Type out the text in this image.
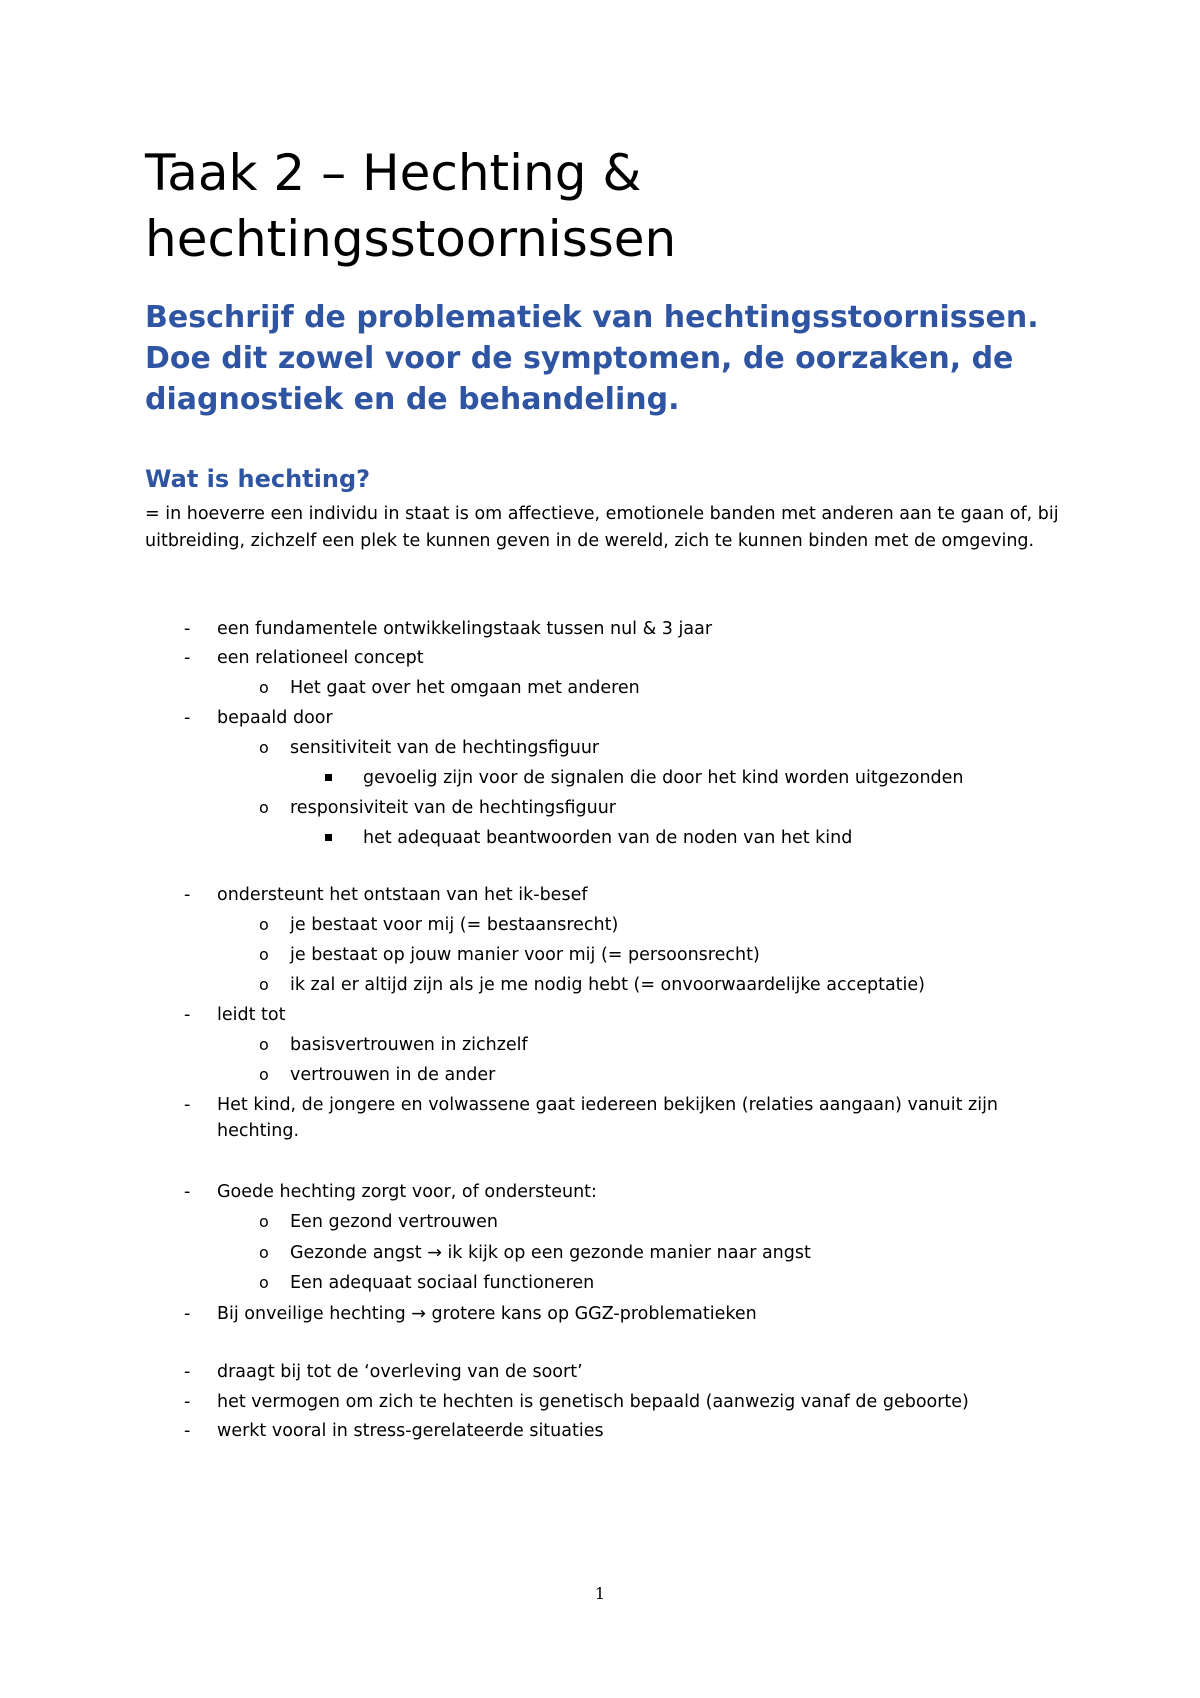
Taak 2 – Hechting & hechtingsstoornissen
Beschrijf de problematiek van hechtingsstoornissen. Doe dit zowel voor de symptomen, de oorzaken, de diagnostiek en de behandeling.
Wat is hechting?

= in hoeverre een individu in staat is om affectieve, emotionele banden met anderen aan te gaan of, bij uitbreiding, zichzelf een plek te kunnen geven in de wereld, zich te kunnen binden met de omgeving.

- een fundamentele ontwikkelingstaak tussen nul & 3 jaar
- een relationeel concept
o Het gaat over het omgaan met anderen
- bepaald door
o sensitiviteit van de hechtingsfiguur
gevoelig zijn voor de signalen die door het kind worden uitgezonden
o responsiviteit van de hechtingsfiguur
het adequaat beantwoorden van de noden van het kind
- ondersteunt het ontstaan van het ik-besef
o je bestaat voor mij (= bestaansrecht)
o je bestaat op jouw manier voor mij (= persoonsrecht)
o ik zal er altijd zijn als je me nodig hebt (= onvoorwaardelijke acceptatie)
- leidt tot
o basisvertrouwen in zichzelf
o vertrouwen in de ander
- Het kind, de jongere en volwassene gaat iedereen bekijken (relaties aangaan) vanuit zijn hechting.
- Goede hechting zorgt voor, of ondersteunt:
o Een gezond vertrouwen
o Gezonde angst → ik kijk op een gezonde manier naar angst
o Een adequaat sociaal functioneren
- Bij onveilige hechting → grotere kans op GGZ-problematieken
- draagt bij tot de ‘overleving van de soort’
- het vermogen om zich te hechten is genetisch bepaald (aanwezig vanaf de geboorte)
- werkt vooral in stress-gerelateerde situaties
1
